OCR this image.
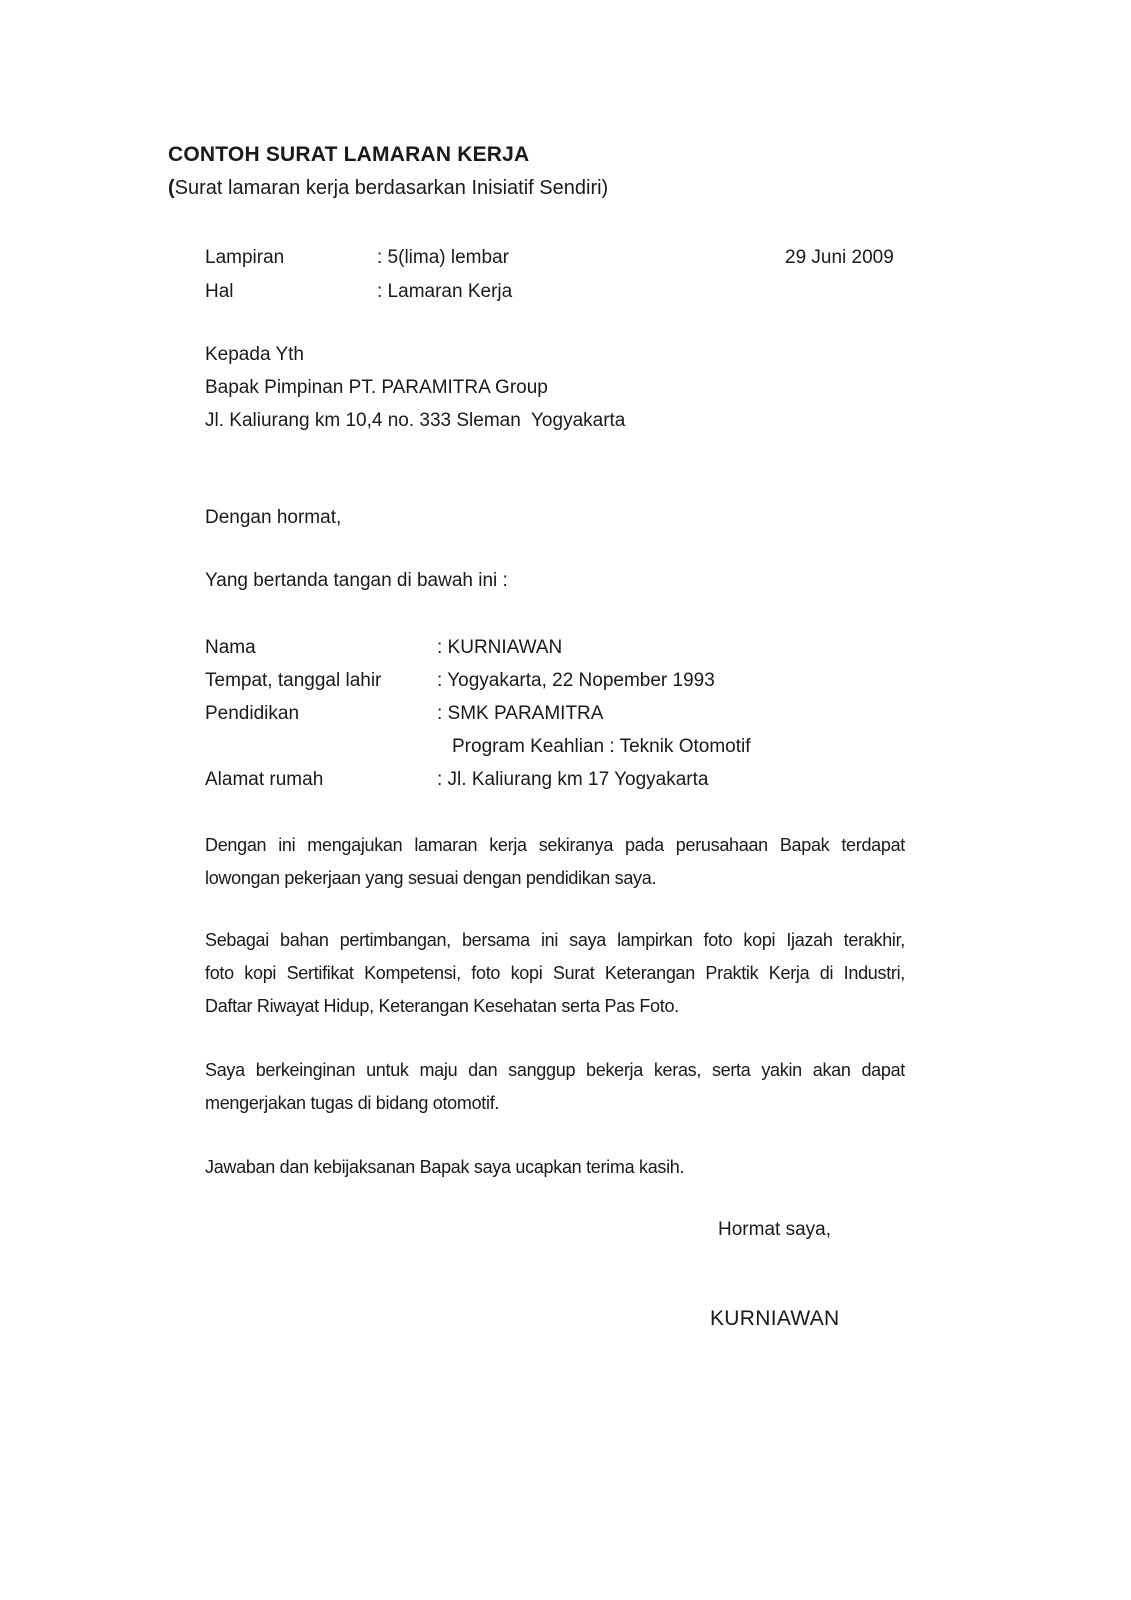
CONTOH SURAT LAMARAN KERJA
(Surat lamaran kerja berdasarkan Inisiatif Sendiri)
Lampiran	: 5(lima) lembar	29 Juni 2009
Hal	: Lamaran Kerja
Kepada Yth
Bapak Pimpinan PT. PARAMITRA Group
Jl. Kaliurang km 10,4 no. 333 Sleman  Yogyakarta
Dengan hormat,
Yang bertanda tangan di bawah ini :
Nama	: KURNIAWAN
Tempat, tanggal lahir	: Yogyakarta, 22 Nopember 1993
Pendidikan	: SMK PARAMITRA
Program Keahlian : Teknik Otomotif
Alamat rumah	: Jl. Kaliurang km 17 Yogyakarta
Dengan ini mengajukan lamaran kerja sekiranya pada perusahaan Bapak terdapat
lowongan pekerjaan yang sesuai dengan pendidikan saya.
Sebagai bahan pertimbangan, bersama ini saya lampirkan foto kopi Ijazah terakhir,
foto kopi Sertifikat Kompetensi, foto kopi Surat Keterangan Praktik Kerja di Industri,
Daftar Riwayat Hidup, Keterangan Kesehatan serta Pas Foto.
Saya berkeinginan untuk maju dan sanggup bekerja keras, serta yakin akan dapat
mengerjakan tugas di bidang otomotif.
Jawaban dan kebijaksanan Bapak saya ucapkan terima kasih.
Hormat saya,
KURNIAWAN
